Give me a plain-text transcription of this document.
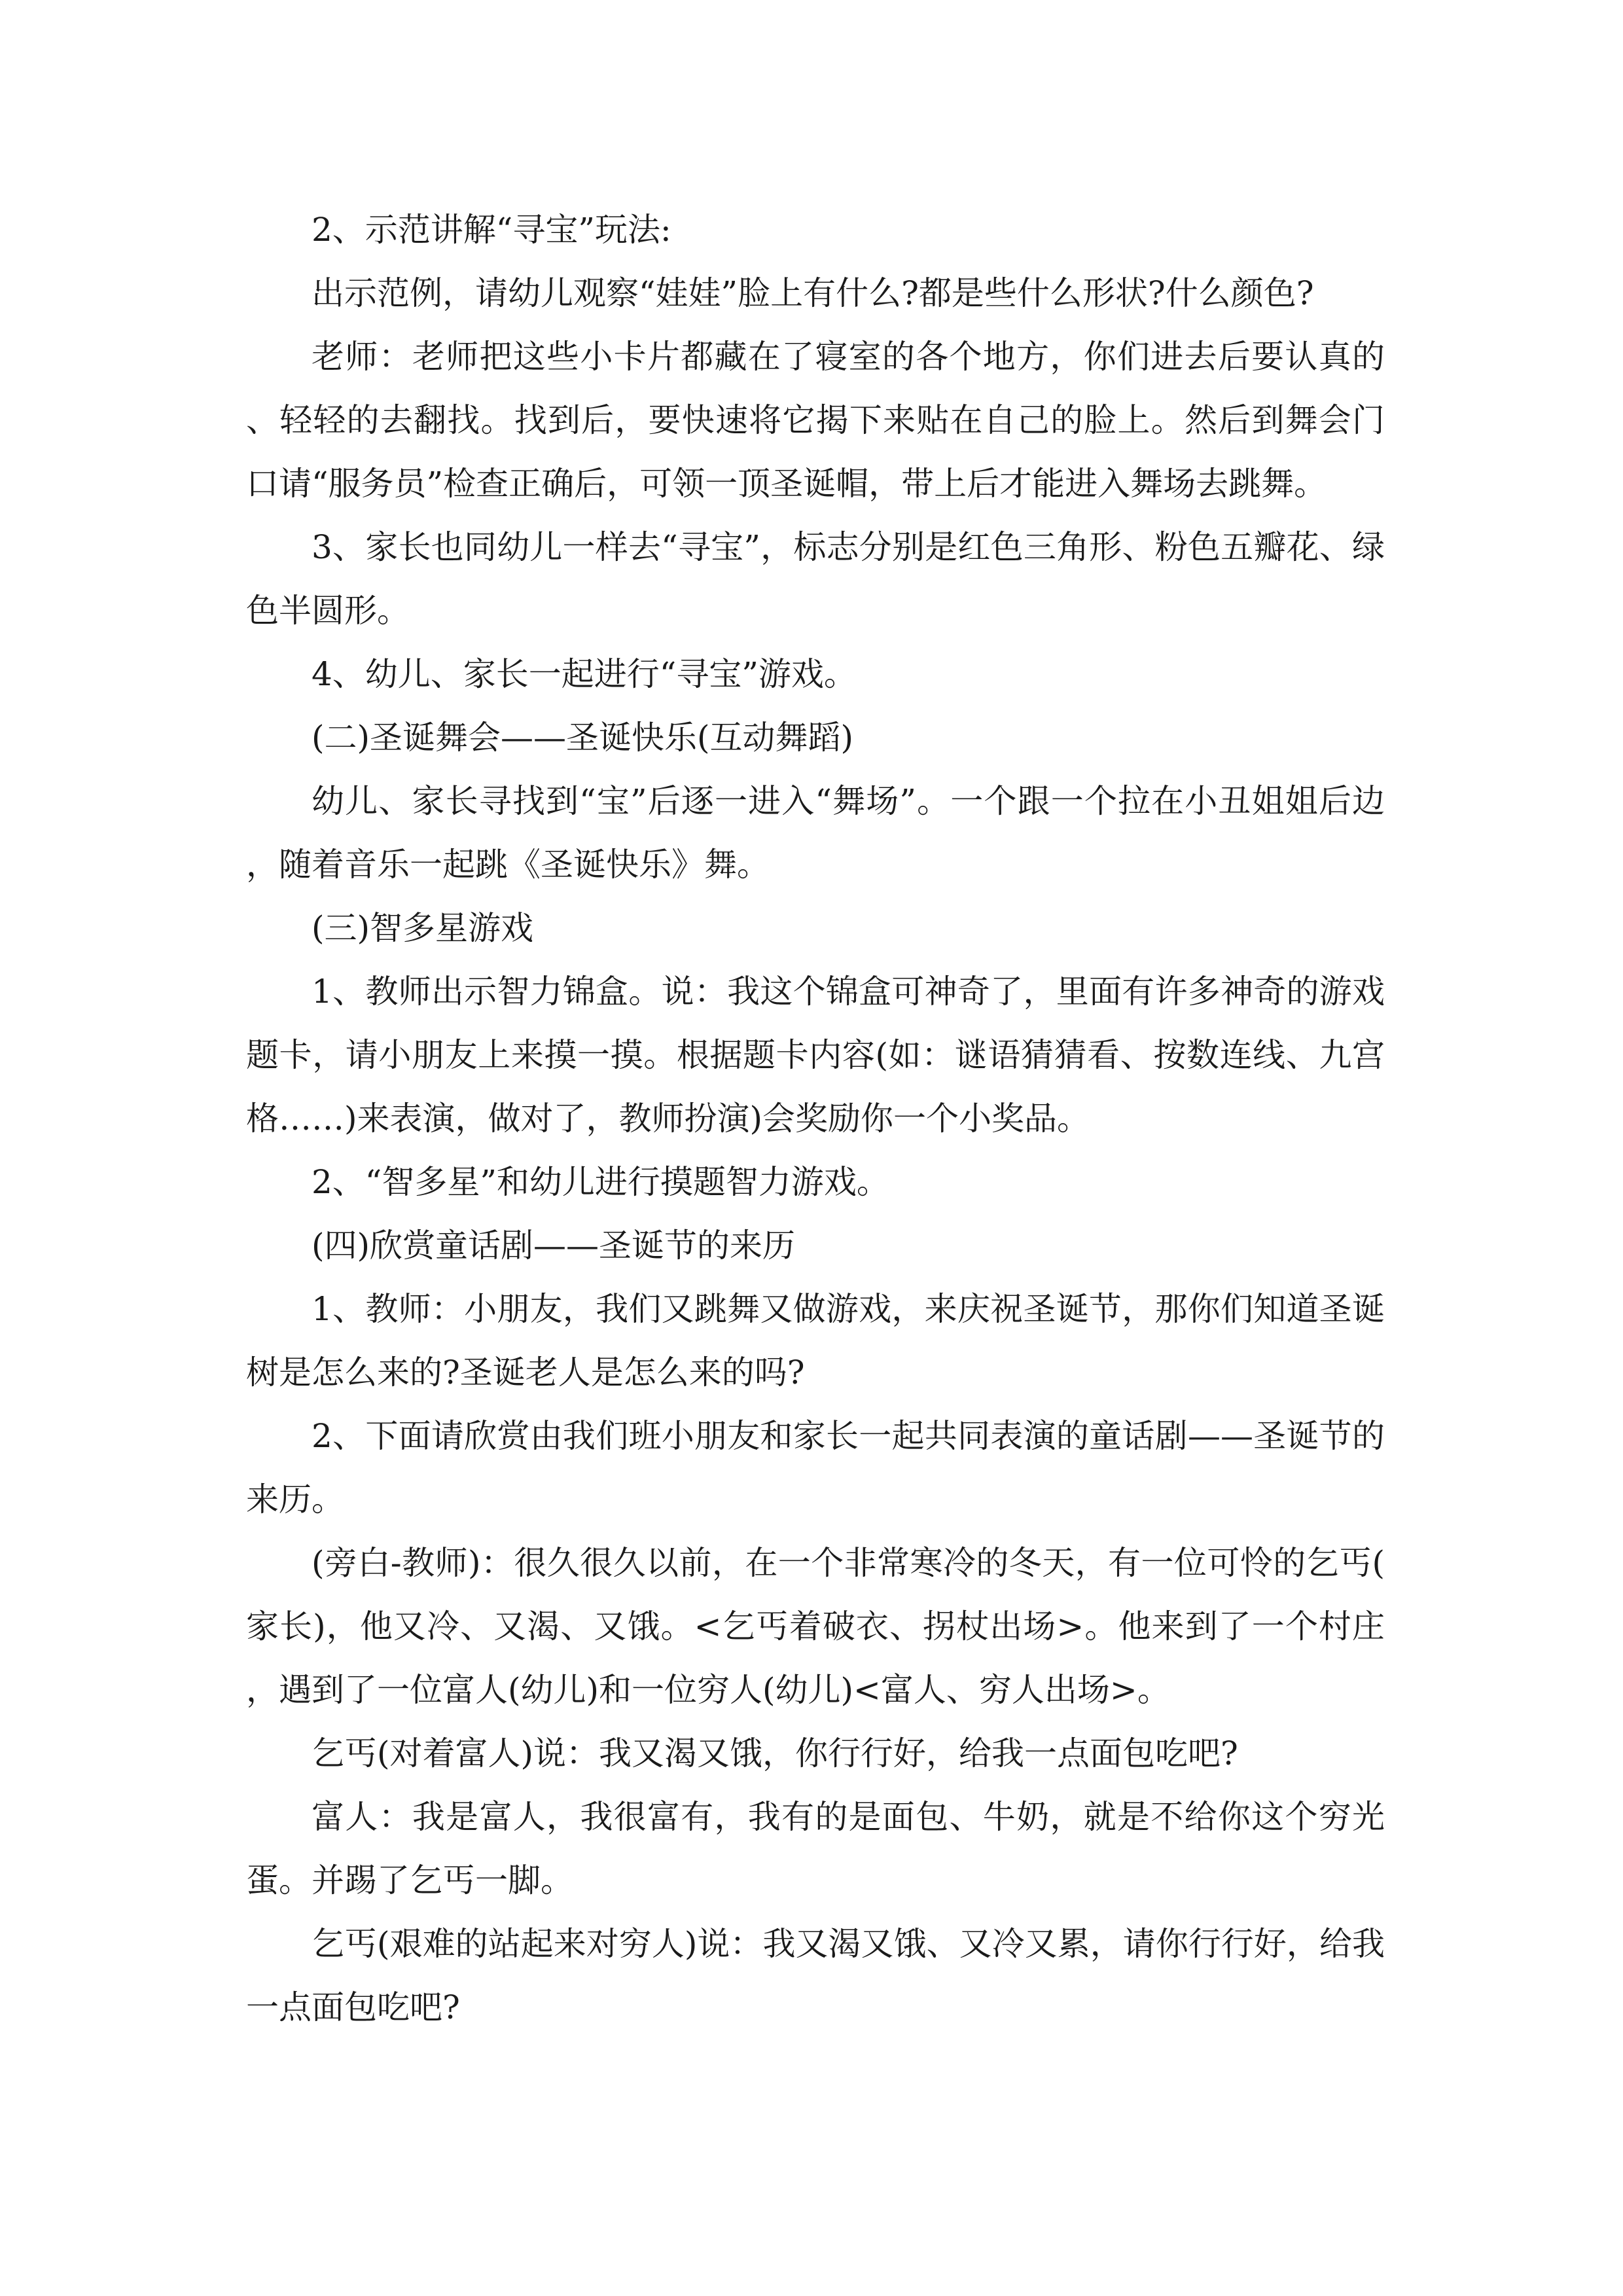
2、示范讲解“寻宝”玩法:

出示范例，请幼儿观察“娃娃”脸上有什么?都是些什么形状?什么颜色?

老师：老师把这些小卡片都藏在了寝室的各个地方，你们进去后要认真的、轻轻的去翻找。找到后，要快速将它揭下来贴在自己的脸上。然后到舞会门口请“服务员”检查正确后，可领一顶圣诞帽，带上后才能进入舞场去跳舞。

3、家长也同幼儿一样去“寻宝”，标志分别是红色三角形、粉色五瓣花、绿色半圆形。

4、幼儿、家长一起进行“寻宝”游戏。

(二)圣诞舞会——圣诞快乐(互动舞蹈)

幼儿、家长寻找到“宝”后逐一进入“舞场”。一个跟一个拉在小丑姐姐后边，随着音乐一起跳《圣诞快乐》舞。

(三)智多星游戏

1、教师出示智力锦盒。说：我这个锦盒可神奇了，里面有许多神奇的游戏题卡，请小朋友上来摸一摸。根据题卡内容(如：谜语猜猜看、按数连线、九宫格……)来表演，做对了，教师扮演)会奖励你一个小奖品。

2、“智多星”和幼儿进行摸题智力游戏。

(四)欣赏童话剧——圣诞节的来历

1、教师：小朋友，我们又跳舞又做游戏，来庆祝圣诞节，那你们知道圣诞树是怎么来的?圣诞老人是怎么来的吗?

2、下面请欣赏由我们班小朋友和家长一起共同表演的童话剧——圣诞节的来历。

(旁白-教师)：很久很久以前，在一个非常寒冷的冬天，有一位可怜的乞丐(家长)，他又冷、又渴、又饿。<乞丐着破衣、拐杖出场>。他来到了一个村庄，遇到了一位富人(幼儿)和一位穷人(幼儿)<富人、穷人出场>。

乞丐(对着富人)说：我又渴又饿，你行行好，给我一点面包吃吧?

富人：我是富人，我很富有，我有的是面包、牛奶，就是不给你这个穷光蛋。并踢了乞丐一脚。

乞丐(艰难的站起来对穷人)说：我又渴又饿、又冷又累，请你行行好，给我一点面包吃吧?
